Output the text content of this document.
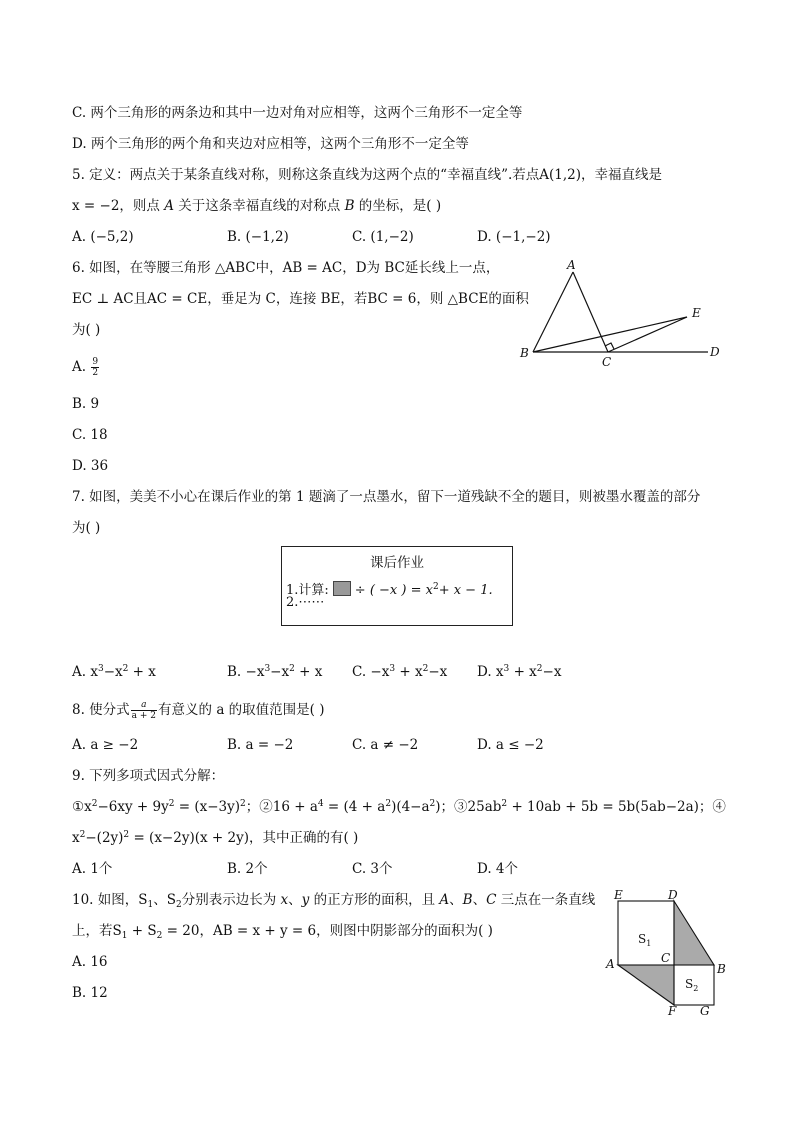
C. 两个三角形的两条边和其中一边对角对应相等，这两个三角形不一定全等
D. 两个三角形的两个角和夹边对应相等，这两个三角形不一定全等
5. 定义：两点关于某条直线对称，则称这条直线为这两个点的“幸福直线”.若点A(1,2)，幸福直线是
x = −2，则点 A 关于这条幸福直线的对称点 B 的坐标，是( )
A. (−5,2)	B. (−1,2)	C. (1,−2)	D. (−1,−2)
6. 如图，在等腰三角形 △ABC中，AB = AC，D为 BC延长线上一点，
EC ⊥ AC且AC = CE，垂足为 C，连接 BE，若BC = 6，则 △BCE的面积
为( )
A. $\frac{9}{2}$
B. 9
C. 18
D. 36
A
B
C
D
E
7. 如图，美美不小心在课后作业的第 1 题滴了一点墨水，留下一道残缺不全的题目，则被墨水覆盖的部分
为( )
课后作业
1.计算: ÷ ( −x ) = $x^2+ x - 1$.
2.⋯⋯
A. $x^3-x^2 + x$	B. $-x^3-x^2 + x$ C. $-x^3 + x^2-x$ D. $x^3 + x^2-x$
8. 使分式 $\frac{a}{a + 2}$ 有意义的 a 的取值范围是( )
A. a ≥ −2	B. a = −2	C. a ≠ −2	D. a ≤ −2
9. 下列多项式因式分解：
$①x^2-6xy + 9y^2 = (x-3y)^2$；②16 + $a^4 = (4 + a^2)(4-a^2)$；$③25ab^2 + 10ab + 5b = 5b(5ab-2a)$；④
$x^2-(2y)^2 = (x-2y)(x + 2y)$，其中正确的有( )
A. 1个	B. 2个	C. 3个	D. 4个
10. 如图，$S_1$、$S_2$分别表示边长为 x、y 的正方形的面积，且 A、B、C 三点在一条直线
上，若$S_1 + S_2 = 20$，AB = x + y = 6，则图中阴影部分的面积为( )
A. 16
B. 12
E	D
$S_1$
$S_2$
A	C
B
F G
